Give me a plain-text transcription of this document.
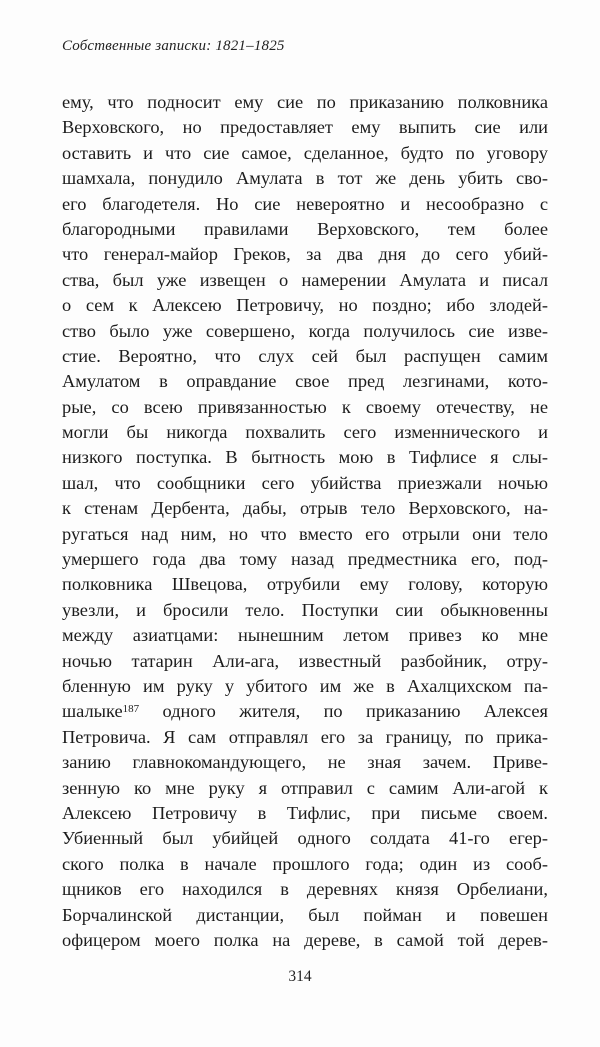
Собственные записки: 1821–1825
ему, что подносит ему сие по приказанию полковника
Верховского, но предоставляет ему выпить сие или
оставить и что сие самое, сделанное, будто по уговору
шамхала, понудило Амулата в тот же день убить сво-
его благодетеля. Но сие невероятно и несообразно с
благородными правилами Верховского, тем более
что генерал-майор Греков, за два дня до сего убий-
ства, был уже извещен о намерении Амулата и писал
о сем к Алексею Петровичу, но поздно; ибо злодей-
ство было уже совершено, когда получилось сие изве-
стие. Вероятно, что слух сей был распущен самим
Амулатом в оправдание свое пред лезгинами, кото-
рые, со всею привязанностью к своему отечеству, не
могли бы никогда похвалить сего изменнического и
низкого поступка. В бытность мою в Тифлисе я слы-
шал, что сообщники сего убийства приезжали ночью
к стенам Дербента, дабы, отрыв тело Верховского, на-
ругаться над ним, но что вместо его отрыли они тело
умершего года два тому назад предместника его, под-
полковника Швецова, отрубили ему голову, которую
увезли, и бросили тело. Поступки сии обыкновенны
между азиатцами: нынешним летом привез ко мне
ночью татарин Али-ага, известный разбойник, отру-
бленную им руку у убитого им же в Ахалцихском па-
шалыке$^{187}$ одного жителя, по приказанию Алексея
Петровича. Я сам отправлял его за границу, по прика-
занию главнокомандующего, не зная зачем. Приве-
зенную ко мне руку я отправил с самим Али-агой к
Алексею Петровичу в Тифлис, при письме своем.
Убиенный был убийцей одного солдата 41-го егер-
ского полка в начале прошлого года; один из сооб-
щников его находился в деревнях князя Орбелиани,
Борчалинской дистанции, был пойман и повешен
офицером моего полка на дереве, в самой той дерев-
314
